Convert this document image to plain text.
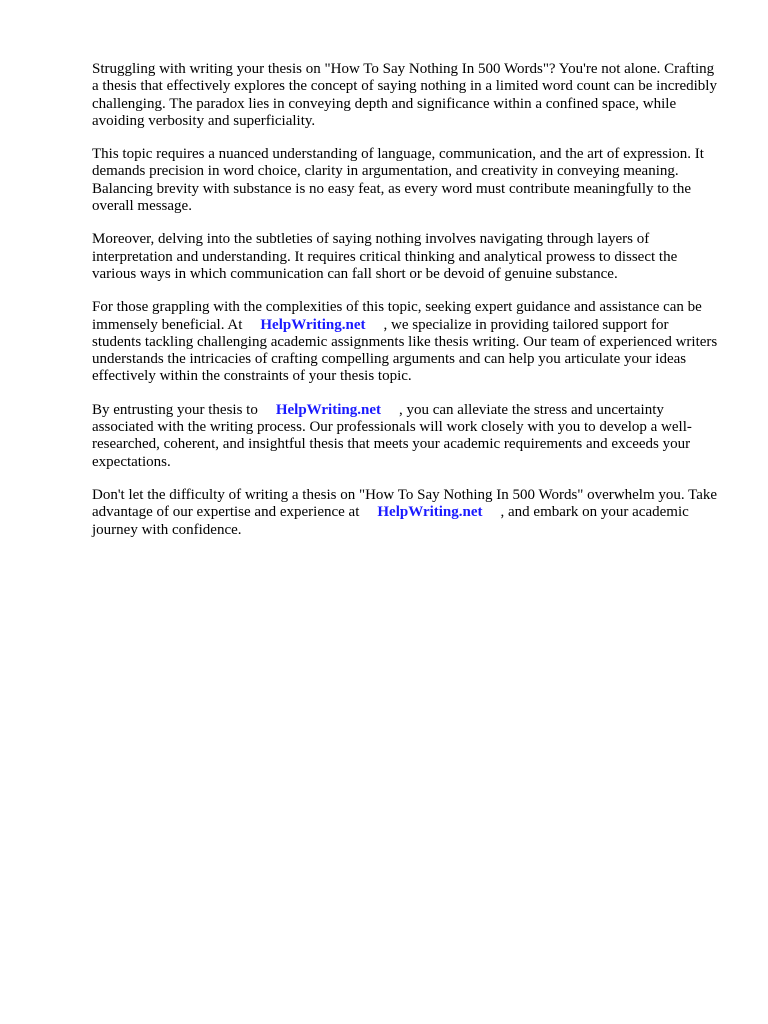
Struggling with writing your thesis on "How To Say Nothing In 500 Words"? You're not alone. Crafting a thesis that effectively explores the concept of saying nothing in a limited word count can be incredibly challenging. The paradox lies in conveying depth and significance within a confined space, while avoiding verbosity and superficiality.

This topic requires a nuanced understanding of language, communication, and the art of expression. It demands precision in word choice, clarity in argumentation, and creativity in conveying meaning. Balancing brevity with substance is no easy feat, as every word must contribute meaningfully to the overall message.

Moreover, delving into the subtleties of saying nothing involves navigating through layers of interpretation and understanding. It requires critical thinking and analytical prowess to dissect the various ways in which communication can fall short or be devoid of genuine substance.

For those grappling with the complexities of this topic, seeking expert guidance and assistance can be immensely beneficial. At HelpWriting.net , we specialize in providing tailored support for students tackling challenging academic assignments like thesis writing. Our team of experienced writers understands the intricacies of crafting compelling arguments and can help you articulate your ideas effectively within the constraints of your thesis topic.

By entrusting your thesis to HelpWriting.net , you can alleviate the stress and uncertainty associated with the writing process. Our professionals will work closely with you to develop a well-researched, coherent, and insightful thesis that meets your academic requirements and exceeds your expectations.

Don't let the difficulty of writing a thesis on "How To Say Nothing In 500 Words" overwhelm you. Take advantage of our expertise and experience at HelpWriting.net , and embark on your academic journey with confidence.
